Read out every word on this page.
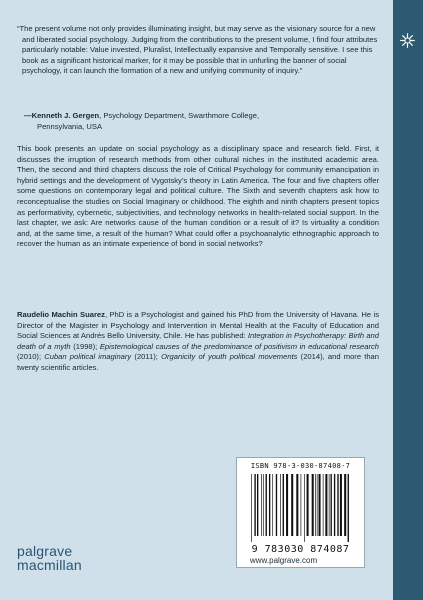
“The present volume not only provides illuminating insight, but may serve as the visionary source for a new and liberated social psychology. Judging from the contributions to the present volume, I find four attributes particularly notable: Value invested, Pluralist, Intellectually expansive and Temporally sensitive. I see this book as a significant historical marker, for it may be possible that in unfurling the banner of social psychology, it can launch the formation of a new and unifying community of inquiry.”

—Kenneth J. Gergen, Psychology Department, Swarthmore College,
Pennsylvania, USA
This book presents an update on social psychology as a disciplinary space and research field. First, it discusses the irruption of research methods from other cultural niches in the instituted academic area. Then, the second and third chapters discuss the role of Critical Psychology for community emancipation in hybrid settings and the development of Vygotsky’s theory in Latin America. The four and five chapters offer some questions on contemporary legal and political culture. The Sixth and seventh chapters ask how to reconceptualise the studies on Social Imaginary or childhood. The eighth and ninth chapters present topics as performativity, cybernetic, subjectivities, and technology networks in health-related social support. In the last chapter, we ask: Are networks cause of the human condition or a result of it? Is virtuality a condition and, at the same time, a result of the human? What could offer a psychoanalytic ethnographic approach to recover the human as an intimate experience of bond in social networks?
Raudelio Machin Suarez, PhD is a Psychologist and gained his PhD from the University of Havana. He is Director of the Magister in Psychology and Intervention in Mental Health at the Faculty of Education and Social Sciences at Andrés Bello University, Chile. He has published: Integration in Psychotherapy: Birth and death of a myth (1998); Epistemological causes of the predominance of positivism in educational research (2010); Cuban political imaginary (2011); Organicity of youth political movements (2014), and more than twenty scientific articles.
ISBN 978-3-030-87408-7
9 783030 874087
www.palgrave.com
palgrave
macmillan
